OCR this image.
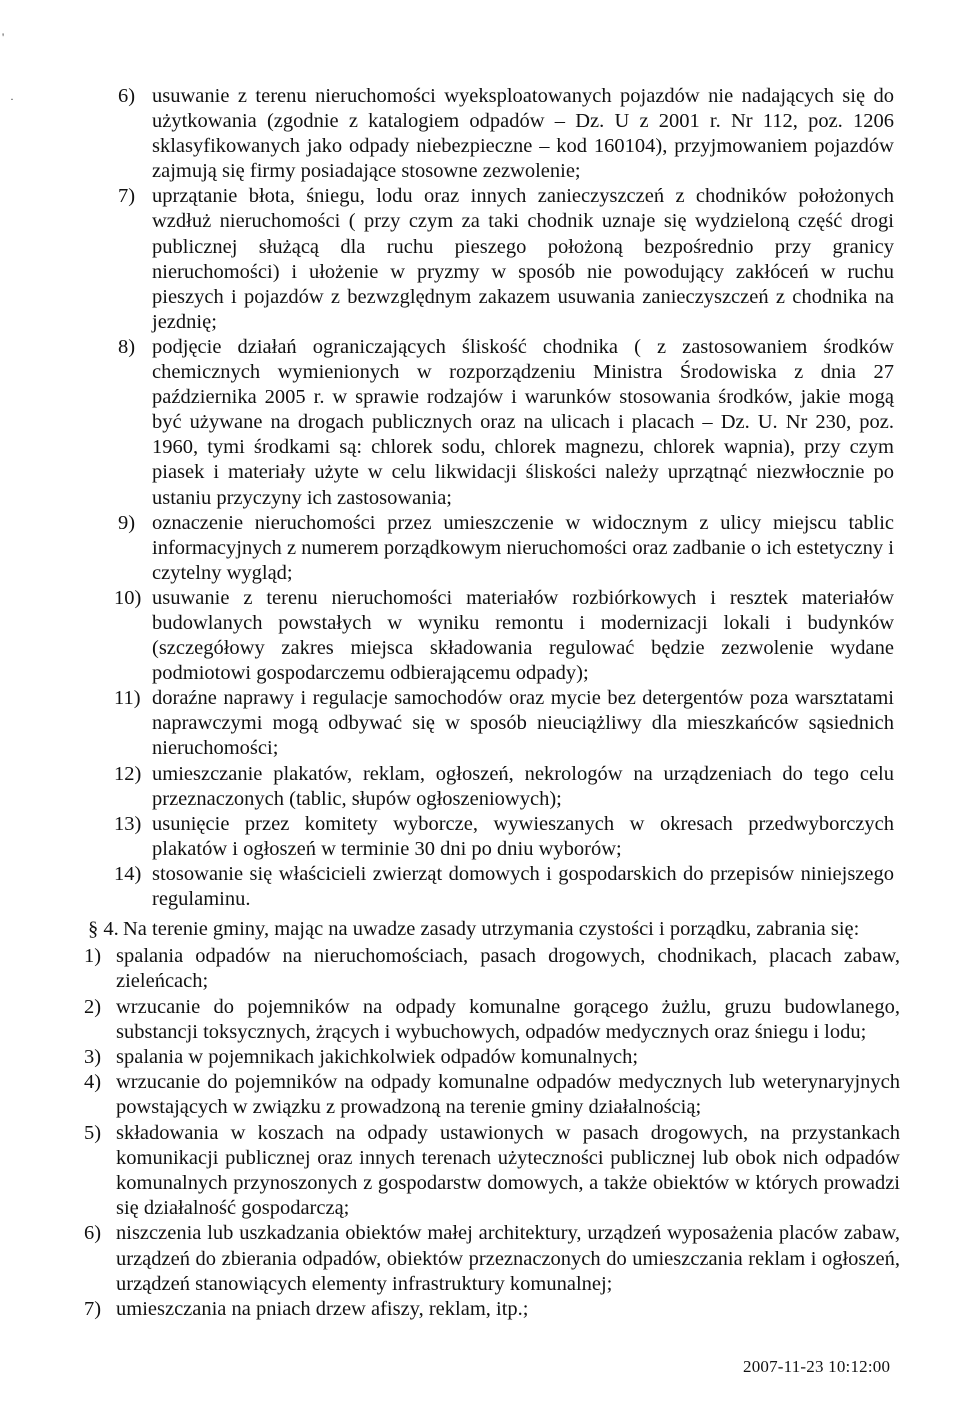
'
·	6) usuwanie z terenu nieruchomości wyeksploatowanych pojazdów nie nadających się do użytkowania (zgodnie z katalogiem odpadów – Dz. U z 2001 r. Nr 112, poz. 1206 sklasyfikowanych jako odpady niebezpieczne – kod 160104), przyjmowaniem pojazdów zajmują się firmy posiadające stosowne zezwolenie;
7) uprzątanie błota, śniegu, lodu oraz innych zanieczyszczeń z chodników położonych wzdłuż nieruchomości ( przy czym za taki chodnik uznaje się wydzieloną część drogi publicznej służącą dla ruchu pieszego położoną bezpośrednio przy granicy nieruchomości) i ułożenie w pryzmy w sposób nie powodujący zakłóceń w ruchu pieszych i pojazdów z bezwzględnym zakazem usuwania zanieczyszczeń z chodnika na jezdnię;
8) podjęcie działań ograniczających śliskość chodnika ( z zastosowaniem środków chemicznych wymienionych w rozporządzeniu Ministra Środowiska z dnia 27 października 2005 r. w sprawie rodzajów i warunków stosowania środków, jakie mogą być używane na drogach publicznych oraz na ulicach i placach – Dz. U. Nr 230, poz. 1960, tymi środkami są: chlorek sodu, chlorek magnezu, chlorek wapnia), przy czym piasek i materiały użyte w celu likwidacji śliskości należy uprzątnąć niezwłocznie po ustaniu przyczyny ich zastosowania;
9) oznaczenie nieruchomości przez umieszczenie w widocznym z ulicy miejscu tablic informacyjnych z numerem porządkowym nieruchomości oraz zadbanie o ich estetyczny i czytelny wygląd;
10) usuwanie z terenu nieruchomości materiałów rozbiórkowych i resztek materiałów budowlanych powstałych w wyniku remontu i modernizacji lokali i budynków (szczegółowy zakres miejsca składowania regulować będzie zezwolenie wydane podmiotowi gospodarczemu odbierającemu odpady);
11) doraźne naprawy i regulacje samochodów oraz mycie bez detergentów poza warsztatami naprawczymi mogą odbywać się w sposób nieuciążliwy dla mieszkańców sąsiednich nieruchomości;
12) umieszczanie plakatów, reklam, ogłoszeń, nekrologów na urządzeniach do tego celu przeznaczonych (tablic, słupów ogłoszeniowych);
13) usunięcie przez komitety wyborcze, wywieszanych w okresach przedwyborczych plakatów i ogłoszeń w terminie 30 dni po dniu wyborów;
14) stosowanie się właścicieli zwierząt domowych i gospodarskich do przepisów niniejszego regulaminu.
§ 4. Na terenie gminy, mając na uwadze zasady utrzymania czystości i porządku, zabrania się:
1) spalania odpadów na nieruchomościach, pasach drogowych, chodnikach, placach zabaw, zieleńcach;
2) wrzucanie do pojemników na odpady komunalne gorącego żużlu, gruzu budowlanego, substancji toksycznych, żrących i wybuchowych, odpadów medycznych oraz śniegu i lodu;
3) spalania w pojemnikach jakichkolwiek odpadów komunalnych;
4) wrzucanie do pojemników na odpady komunalne odpadów medycznych lub weterynaryjnych powstających w związku z prowadzoną na terenie gminy działalnością;
5) składowania w koszach na odpady ustawionych w pasach drogowych, na przystankach komunikacji publicznej oraz innych terenach użyteczności publicznej lub obok nich odpadów komunalnych przynoszonych z gospodarstw domowych, a także obiektów w których prowadzi się działalność gospodarczą;
6) niszczenia lub uszkadzania obiektów małej architektury, urządzeń wyposażenia placów zabaw, urządzeń do zbierania odpadów, obiektów przeznaczonych do umieszczania reklam i ogłoszeń, urządzeń stanowiących elementy infrastruktury komunalnej;
7) umieszczania na pniach drzew afiszy, reklam, itp.;
2007-11-23 10:12:00
